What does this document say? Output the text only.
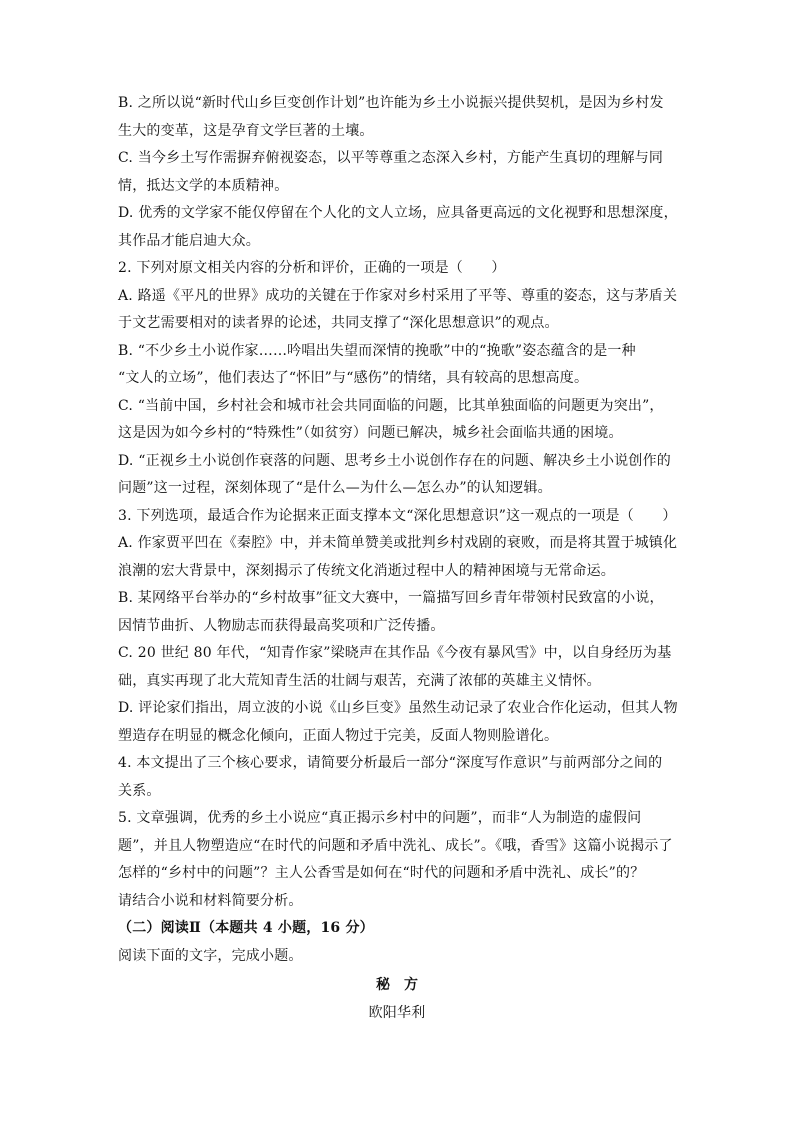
B. 之所以说“新时代山乡巨变创作计划”也许能为乡土小说振兴提供契机，是因为乡村发
生大的变革，这是孕育文学巨著的土壤。
C. 当今乡土写作需摒弃俯视姿态，以平等尊重之态深入乡村，方能产生真切的理解与同
情，抵达文学的本质精神。
D. 优秀的文学家不能仅停留在个人化的文人立场，应具备更高远的文化视野和思想深度，
其作品才能启迪大众。
2. 下列对原文相关内容的分析和评价，正确的一项是（　　）
A. 路遥《平凡的世界》成功的关键在于作家对乡村采用了平等、尊重的姿态，这与茅盾关
于文艺需要相对的读者界的论述，共同支撑了“深化思想意识”的观点。
B. “不少乡土小说作家……吟唱出失望而深情的挽歌”中的“挽歌”姿态蕴含的是一种
“文人的立场”，他们表达了“怀旧”与“感伤”的情绪，具有较高的思想高度。
C. “当前中国，乡村社会和城市社会共同面临的问题，比其单独面临的问题更为突出”，
这是因为如今乡村的“特殊性”（如贫穷）问题已解决，城乡社会面临共通的困境。
D. “正视乡土小说创作衰落的问题、思考乡土小说创作存在的问题、解决乡土小说创作的
问题”这一过程，深刻体现了“是什么—为什么—怎么办”的认知逻辑。
3. 下列选项，最适合作为论据来正面支撑本文“深化思想意识”这一观点的一项是（　　）
A. 作家贾平凹在《秦腔》中，并未简单赞美或批判乡村戏剧的衰败，而是将其置于城镇化
浪潮的宏大背景中，深刻揭示了传统文化消逝过程中人的精神困境与无常命运。
B. 某网络平台举办的“乡村故事”征文大赛中，一篇描写回乡青年带领村民致富的小说，
因情节曲折、人物励志而获得最高奖项和广泛传播。
C. 20 世纪 80 年代，“知青作家”梁晓声在其作品《今夜有暴风雪》中，以自身经历为基
础，真实再现了北大荒知青生活的壮阔与艰苦，充满了浓郁的英雄主义情怀。
D. 评论家们指出，周立波的小说《山乡巨变》虽然生动记录了农业合作化运动，但其人物
塑造存在明显的概念化倾向，正面人物过于完美，反面人物则脸谱化。
4. 本文提出了三个核心要求，请简要分析最后一部分“深度写作意识”与前两部分之间的
关系。
5. 文章强调，优秀的乡土小说应“真正揭示乡村中的问题”，而非“人为制造的虚假问
题”，并且人物塑造应“在时代的问题和矛盾中洗礼、成长”。《哦，香雪》这篇小说揭示了
怎样的“乡村中的问题”？主人公香雪是如何在“时代的问题和矛盾中洗礼、成长”的？
请结合小说和材料简要分析。
（二）阅读Ⅱ（本题共 4 小题，16 分）
阅读下面的文字，完成小题。
秘方
欧阳华利
